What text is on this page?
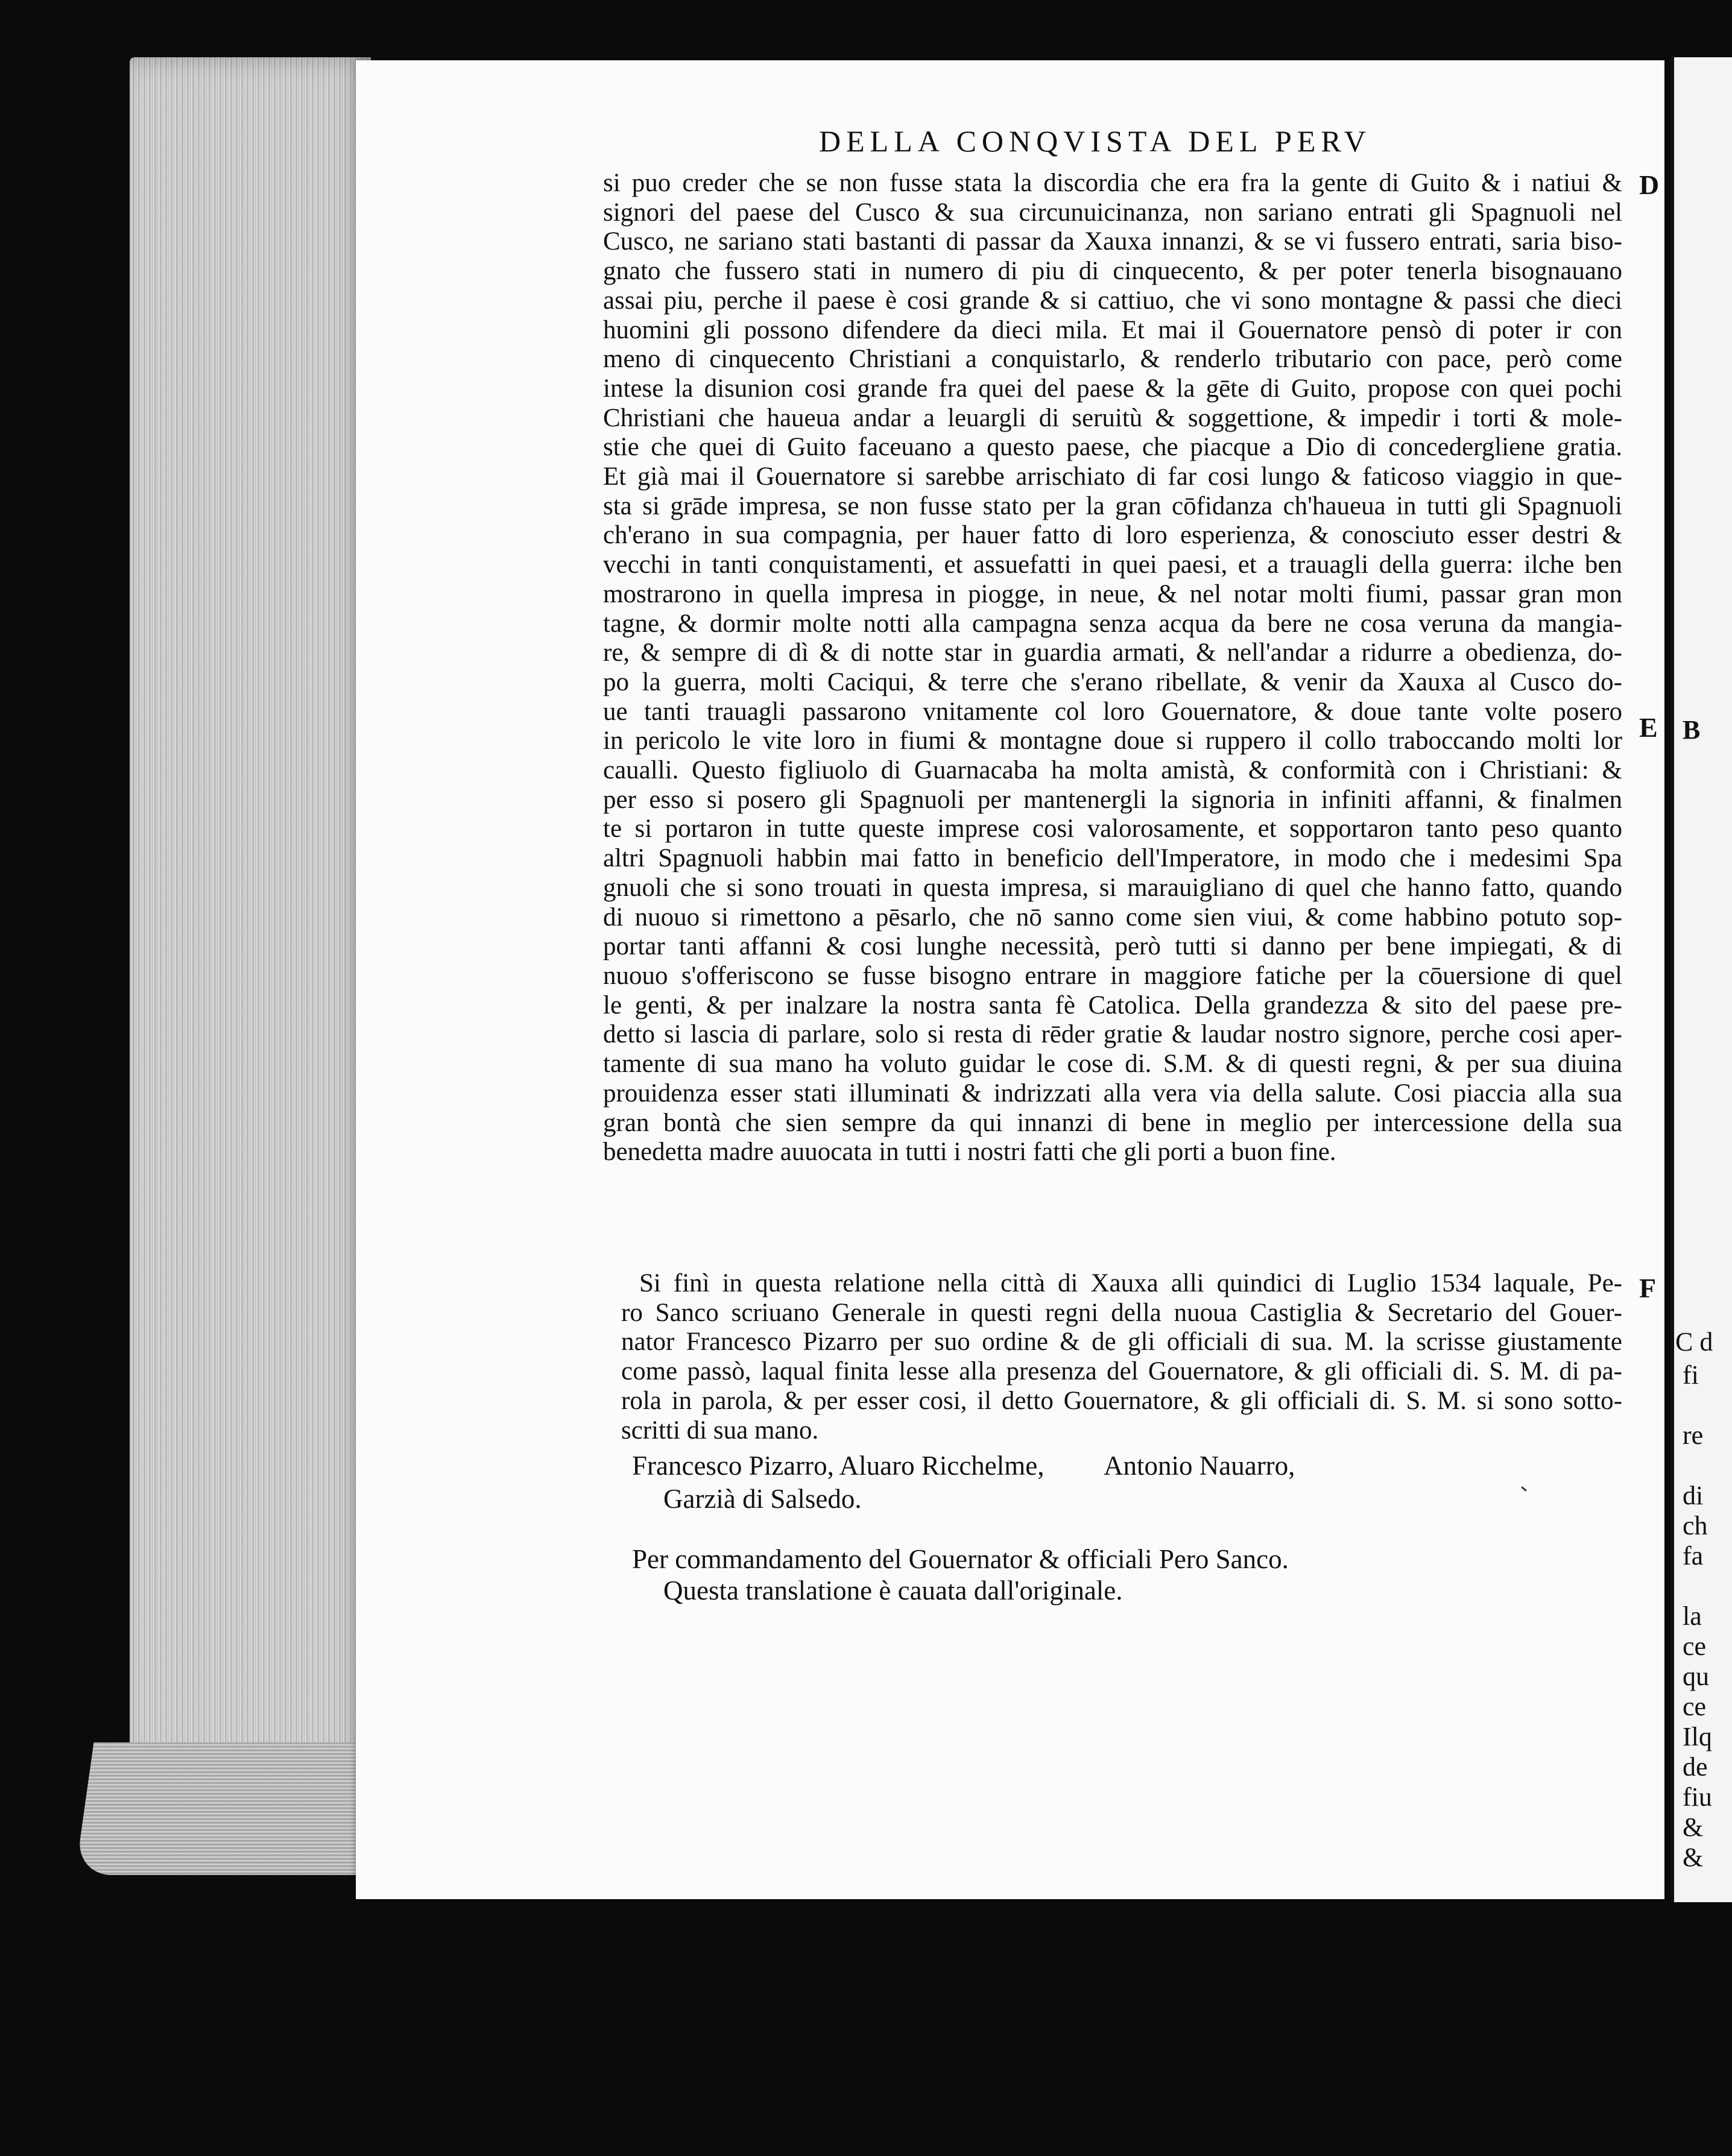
B
C d
fi
re
di
ch
fa
la
ce
qu
ce
Ilq
de
fiu
&
&
DELLA CONQVISTA DEL PERV
D
E
F
si puo creder che se non fusse stata la discordia che era fra la gente di Guito & i natiui &
signori del paese del Cusco & sua circunuicinanza, non sariano entrati gli Spagnuoli nel
Cusco, ne sariano stati bastanti di passar da Xauxa innanzi, & se vi fussero entrati, saria biso-
gnato che fussero stati in numero di piu di cinquecento, & per poter tenerla bisognauano
assai piu, perche il paese è cosi grande & si cattiuo, che vi sono montagne & passi che dieci
huomini gli possono difendere da dieci mila. Et mai il Gouernatore pensò di poter ir con
meno di cinquecento Christiani a conquistarlo, & renderlo tributario con pace, però come
intese la disunion cosi grande fra quei del paese & la gēte di Guito, propose con quei pochi
Christiani che haueua andar a leuargli di seruitù & soggettione, & impedir i torti & mole-
stie che quei di Guito faceuano a questo paese, che piacque a Dio di concedergliene gratia.
Et già mai il Gouernatore si sarebbe arrischiato di far cosi lungo & faticoso viaggio in que-
sta si grāde impresa, se non fusse stato per la gran cōfidanza ch'haueua in tutti gli Spagnuoli
ch'erano in sua compagnia, per hauer fatto di loro esperienza, & conosciuto esser destri &
vecchi in tanti conquistamenti, et assuefatti in quei paesi, et a trauagli della guerra: ilche ben
mostrarono in quella impresa in piogge, in neue, & nel notar molti fiumi, passar gran mon
tagne, & dormir molte notti alla campagna senza acqua da bere ne cosa veruna da mangia-
re, & sempre di dì & di notte star in guardia armati, & nell'andar a ridurre a obedienza, do-
po la guerra, molti Caciqui, & terre che s'erano ribellate, & venir da Xauxa al Cusco do-
ue tanti trauagli passarono vnitamente col loro Gouernatore, & doue tante volte posero
in pericolo le vite loro in fiumi & montagne doue si ruppero il collo traboccando molti lor
caualli. Questo figliuolo di Guarnacaba ha molta amistà, & conformità con i Christiani: &
per esso si posero gli Spagnuoli per mantenergli la signoria in infiniti affanni, & finalmen
te si portaron in tutte queste imprese cosi valorosamente, et sopportaron tanto peso quanto
altri Spagnuoli habbin mai fatto in beneficio dell'Imperatore, in modo che i medesimi Spa
gnuoli che si sono trouati in questa impresa, si marauigliano di quel che hanno fatto, quando
di nuouo si rimettono a pēsarlo, che nō sanno come sien viui, & come habbino potuto sop-
portar tanti affanni & cosi lunghe necessità, però tutti si danno per bene impiegati, & di
nuouo s'offeriscono se fusse bisogno entrare in maggiore fatiche per la cōuersione di quel
le genti, & per inalzare la nostra santa fè Catolica. Della grandezza & sito del paese pre-
detto si lascia di parlare, solo si resta di rēder gratie & laudar nostro signore, perche cosi aper-
tamente di sua mano ha voluto guidar le cose di. S.M. & di questi regni, & per sua diuina
prouidenza esser stati illuminati & indrizzati alla vera via della salute. Cosi piaccia alla sua
gran bontà che sien sempre da qui innanzi di bene in meglio per intercessione della sua
benedetta madre auuocata in tutti i nostri fatti che gli porti a buon fine.
Si finì in questa relatione nella città di Xauxa alli quindici di Luglio 1534 laquale, Pe-
ro Sanco scriuano Generale in questi regni della nuoua Castiglia & Secretario del Gouer-
nator Francesco Pizarro per suo ordine & de gli officiali di sua. M. la scrisse giustamente
come passò, laqual finita lesse alla presenza del Gouernatore, & gli officiali di. S. M. di pa-
rola in parola, & per esser cosi, il detto Gouernatore, & gli officiali di. S. M. si sono sotto-
scritti di sua mano.
Francesco Pizarro, Aluaro Ricchelme, Antonio Nauarro,
Garzià di Salsedo.
Per commandamento del Gouernator & officiali Pero Sanco.
Questa translatione è cauata dall'originale.
